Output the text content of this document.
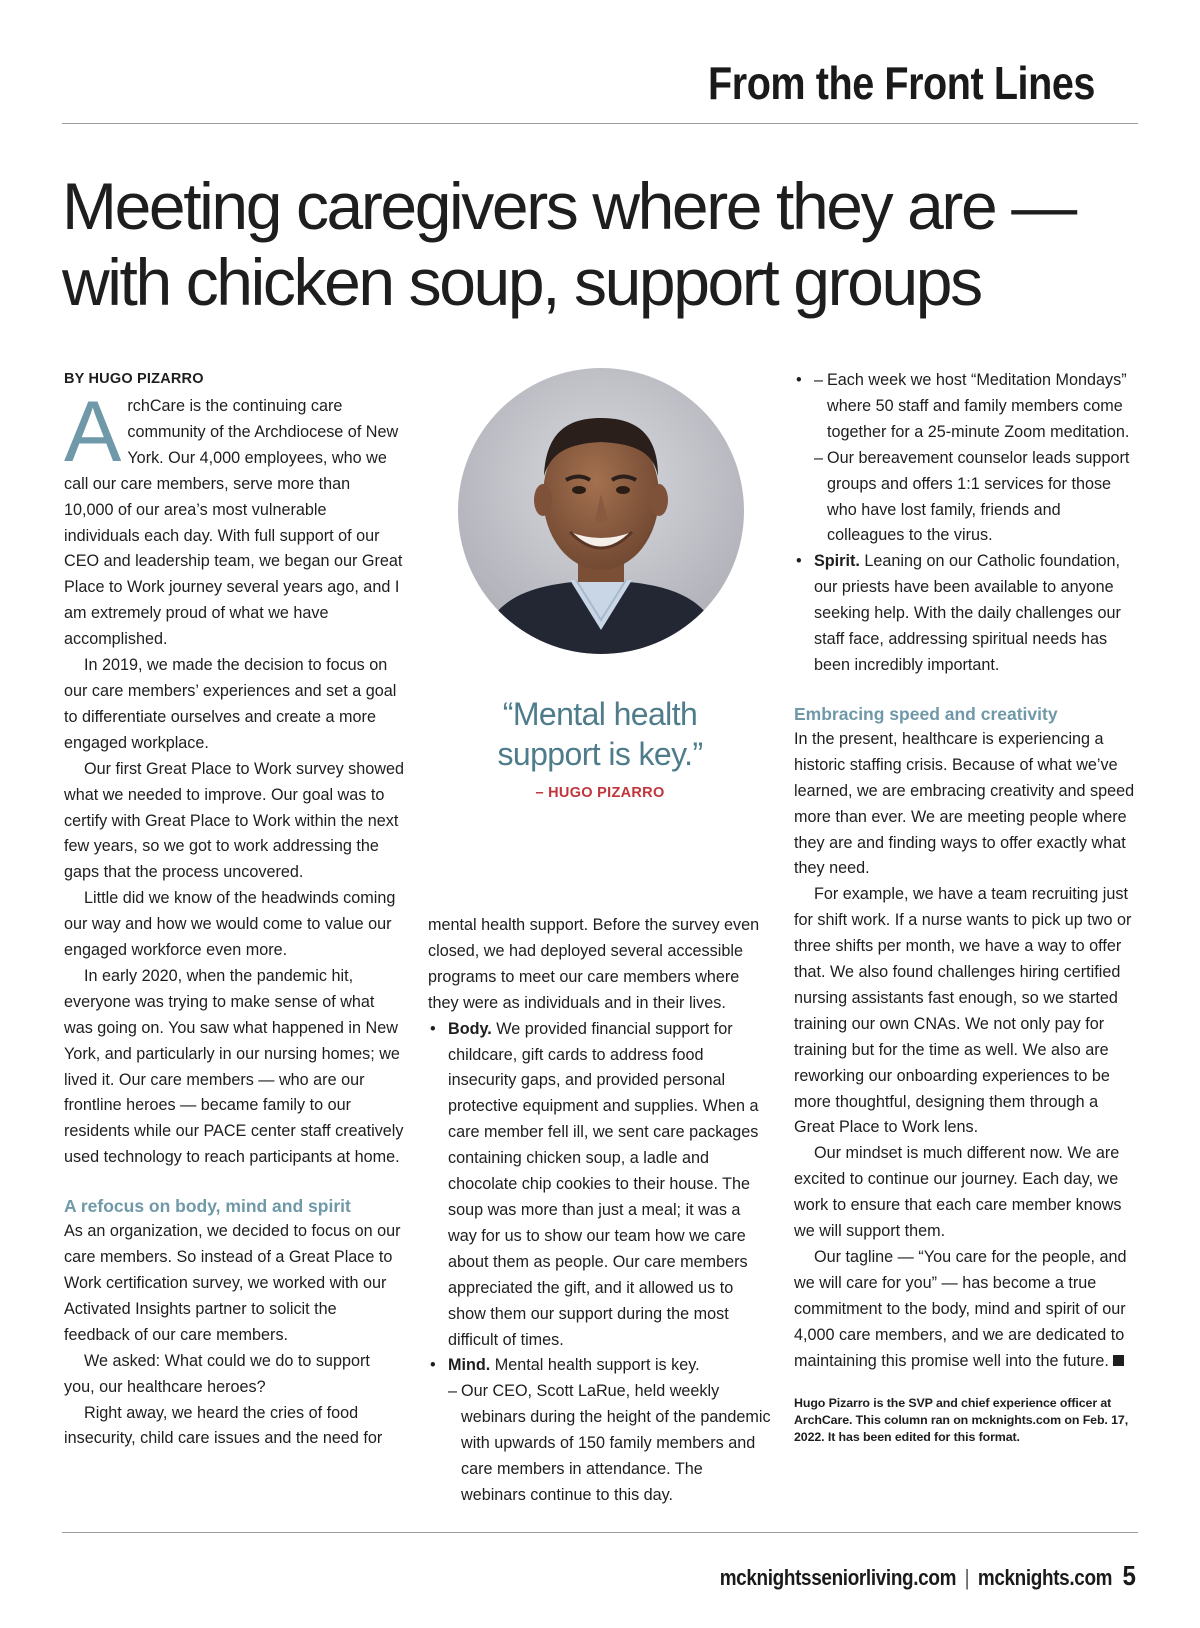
From the Front Lines
Meeting caregivers where they are —
with chicken soup, support groups
BY HUGO PIZARRO

ArchCare is the continuing care community of the Archdiocese of New York. Our 4,000 employees, who we call our care members, serve more than 10,000 of our area’s most vulnerable individuals each day. With full support of our CEO and leadership team, we began our Great Place to Work journey several years ago, and I am extremely proud of what we have accomplished.

In 2019, we made the decision to focus on our care members’ experiences and set a goal to differentiate ourselves and create a more engaged workplace.

Our first Great Place to Work survey showed what we needed to improve. Our goal was to certify with Great Place to Work within the next few years, so we got to work addressing the gaps that the process uncovered.

Little did we know of the headwinds coming our way and how we would come to value our engaged workforce even more.

In early 2020, when the pandemic hit, everyone was trying to make sense of what was going on. You saw what happened in New York, and particularly in our nursing homes; we lived it. Our care members — who are our frontline heroes — became family to our residents while our PACE center staff creatively used technology to reach participants at home.

A refocus on body, mind and spirit

As an organization, we decided to focus on our care members. So instead of a Great Place to Work certification survey, we worked with our Activated Insights partner to solicit the feedback of our care members.

We asked: What could we do to support you, our healthcare heroes?

Right away, we heard the cries of food insecurity, child care issues and the need for

“Mental health
support is key.”
– HUGO PIZARRO

mental health support. Before the survey even closed, we had deployed several accessible programs to meet our care members where they were as individuals and in their lives.

• Body. We provided financial support for childcare, gift cards to address food insecurity gaps, and provided personal protective equipment and supplies. When a care member fell ill, we sent care packages containing chicken soup, a ladle and chocolate chip cookies to their house. The soup was more than just a meal; it was a way for us to show our team how we care about them as people. Our care members appreciated the gift, and it allowed us to show them our support during the most difficult of times.
• Mind. Mental health support is key.
– Our CEO, Scott LaRue, held weekly webinars during the height of the pandemic with upwards of 150 family members and care members in attendance. The webinars continue to this day.
– • Each week we host “Meditation Mondays” where 50 staff and family members come together for a 25-minute Zoom meditation.
– Our bereavement counselor leads support groups and offers 1:1 services for those who have lost family, friends and colleagues to the virus.
• Spirit. Leaning on our Catholic foundation, our priests have been available to anyone seeking help. With the daily challenges our staff face, addressing spiritual needs has been incredibly important.
Embracing speed and creativity

In the present, healthcare is experiencing a historic staffing crisis. Because of what we’ve learned, we are embracing creativity and speed more than ever. We are meeting people where they are and finding ways to offer exactly what they need.

For example, we have a team recruiting just for shift work. If a nurse wants to pick up two or three shifts per month, we have a way to offer that. We also found challenges hiring certified nursing assistants fast enough, so we started training our own CNAs. We not only pay for training but for the time as well. We also are reworking our onboarding experiences to be more thoughtful, designing them through a Great Place to Work lens.

Our mindset is much different now. We are excited to continue our journey. Each day, we work to ensure that each care member knows we will support them.

Our tagline — “You care for the people, and we will care for you” — has become a true commitment to the body, mind and spirit of our 4,000 care members, and we are dedicated to maintaining this promise well into the future.

Hugo Pizarro is the SVP and chief experience officer at ArchCare. This column ran on mcknights.com on Feb. 17, 2022. It has been edited for this format.
mcknightsseniorliving.com | mcknights.com 5
